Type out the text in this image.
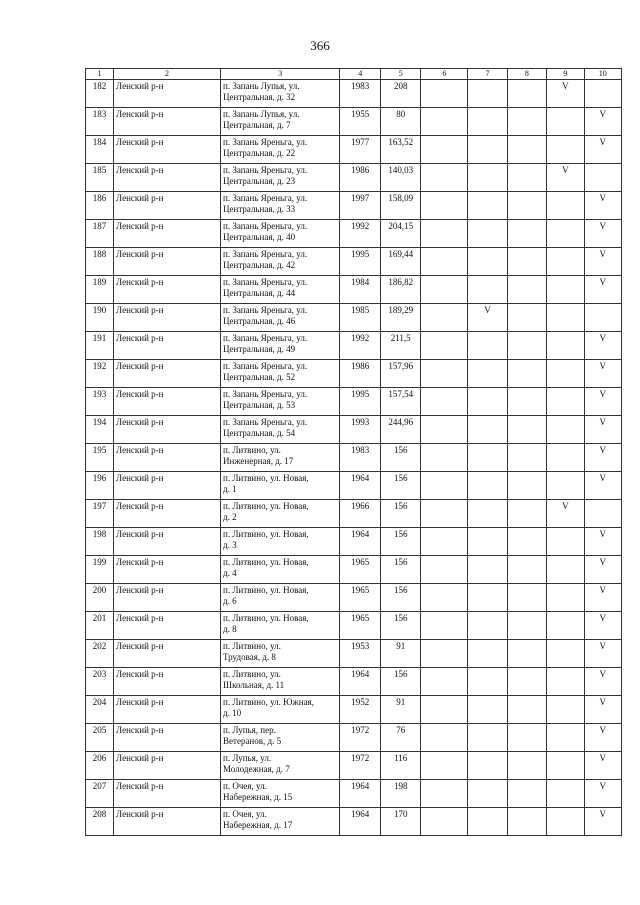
366
1	2	3	4	5	6	7	8	9	10
182	Ленский р-н	п. Запань Лупья, ул.
Центральная, д. 32	1983	208				V	
183	Ленский р-н	п. Запань Лупья, ул.
Центральная, д. 7	1955	80					V
184	Ленский р-н	п. Запань Яреньга, ул.
Центральная, д. 22	1977	163,52					V
185	Ленский р-н	п. Запань Яреньга, ул.
Центральная, д. 23	1986	140,03				V	
186	Ленский р-н	п. Запань Яреньга, ул.
Центральная, д. 33	1997	158,09					V
187	Ленский р-н	п. Запань Яреньга, ул.
Центральная, д. 40	1992	204,15					V
188	Ленский р-н	п. Запань Яреньга, ул.
Центральная, д. 42	1995	169,44					V
189	Ленский р-н	п. Запань Яреньга, ул.
Центральная, д. 44	1984	186,82					V
190	Ленский р-н	п. Запань Яреньга, ул.
Центральная, д. 46	1985	189,29		V			
191	Ленский р-н	п. Запань Яреньга, ул.
Центральная, д. 49	1992	211,5					V
192	Ленский р-н	п. Запань Яреньга, ул.
Центральная, д. 52	1986	157,96					V
193	Ленский р-н	п. Запань Яреньга, ул.
Центральная, д. 53	1995	157,54					V
194	Ленский р-н	п. Запань Яреньга, ул.
Центральная, д. 54	1993	244,96					V
195	Ленский р-н	п. Литвино, ул.
Инженерная, д. 17	1983	156					V
196	Ленский р-н	п. Литвино, ул. Новая,
д. 1	1964	156					V
197	Ленский р-н	п. Литвино, ул. Новая,
д. 2	1966	156				V	
198	Ленский р-н	п. Литвино, ул. Новая,
д. 3	1964	156					V
199	Ленский р-н	п. Литвино, ул. Новая,
д. 4	1965	156					V
200	Ленский р-н	п. Литвино, ул. Новая,
д. 6	1965	156					V
201	Ленский р-н	п. Литвино, ул. Новая,
д. 8	1965	156					V
202	Ленский р-н	п. Литвино, ул.
Трудовая, д. 8	1953	91					V
203	Ленский р-н	п. Литвино, ул.
Школьная, д. 11	1964	156					V
204	Ленский р-н	п. Литвино, ул. Южная,
д. 10	1952	91					V
205	Ленский р-н	п. Лупья, пер.
Ветеранов, д. 5	1972	76					V
206	Ленский р-н	п. Лупья, ул.
Молодежная, д. 7	1972	116					V
207	Ленский р-н	п. Очея, ул.
Набережная, д. 15	1964	198					V
208	Ленский р-н	п. Очея, ул.
Набережная, д. 17	1964	170					V
